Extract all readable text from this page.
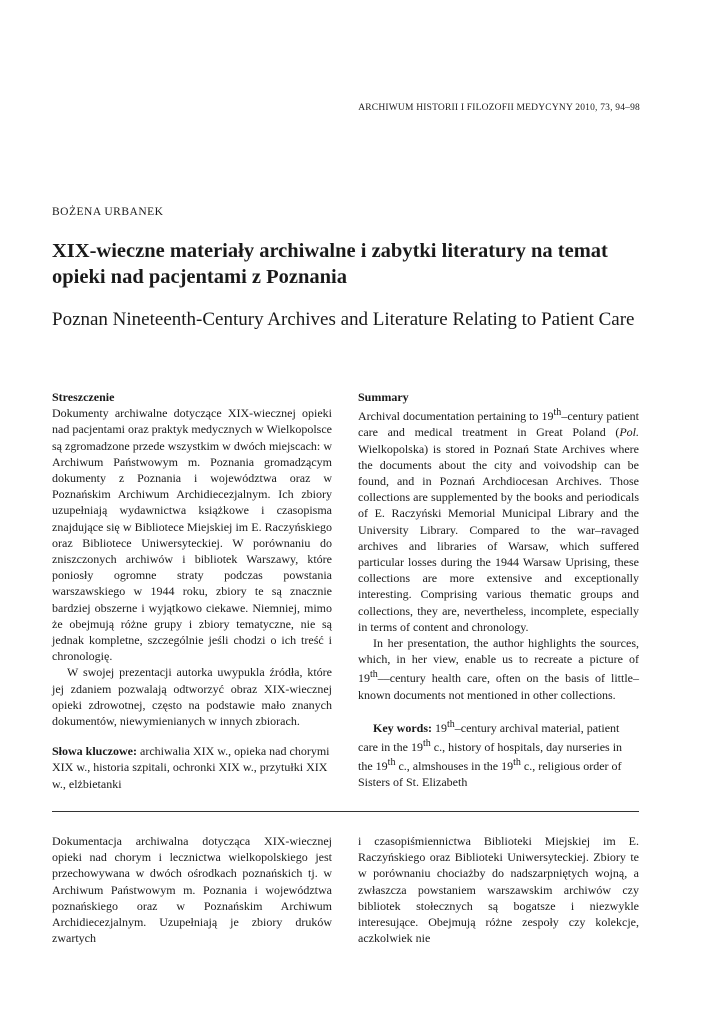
ARCHIWUM HISTORII I FILOZOFII MEDYCYNY 2010, 73, 94–98
BOŻENA URBANEK
XIX-wieczne materiały archiwalne i zabytki literatury na temat opieki nad pacjentami z Poznania
Poznan Nineteenth-Century Archives and Literature Relating to Patient Care

Streszczenie

Dokumenty archiwalne dotyczące XIX-wiecznej opieki nad pacjentami oraz praktyk medycznych w Wielkopolsce są zgromadzone przede wszystkim w dwóch miejscach: w Archiwum Państwowym m. Poznania gromadzącym dokumenty z Poznania i województwa oraz w Poznańskim Archiwum Archidiecezjalnym. Ich zbiory uzupełniają wydawnictwa książkowe i czasopisma znajdujące się w Bibliotece Miejskiej im E. Raczyńskiego oraz Bibliotece Uniwersyteckiej. W porównaniu do zniszczonych archiwów i bibliotek Warszawy, które poniosły ogromne straty podczas powstania warszawskiego w 1944 roku, zbiory te są znacznie bardziej obszerne i wyjątkowo ciekawe. Niemniej, mimo że obejmują różne grupy i zbiory tematyczne, nie są jednak kompletne, szczególnie jeśli chodzi o ich treść i chronologię.

W swojej prezentacji autorka uwypukla źródła, które jej zdaniem pozwalają odtworzyć obraz XIX-wiecznej opieki zdrowotnej, często na podstawie mało znanych dokumentów, niewymienianych w innych zbiorach.

Słowa kluczowe: archiwalia XIX w., opieka nad chorymi XIX w., historia szpitali, ochronki XIX w., przytułki XIX w., elżbietanki

Summary

Archival documentation pertaining to 19th–century patient care and medical treatment in Great Poland (Pol. Wielkopolska) is stored in Poznań State Archives where the documents about the city and voivodship can be found, and in Poznań Archdiocesan Archives. Those collections are supplemented by the books and periodicals of E. Raczyński Memorial Municipal Library and the University Library. Compared to the war–ravaged archives and libraries of Warsaw, which suffered particular losses during the 1944 Warsaw Uprising, these collections are more extensive and exceptionally interesting. Comprising various thematic groups and collections, they are, nevertheless, incomplete, especially in terms of content and chronology.

In her presentation, the author highlights the sources, which, in her view, enable us to recreate a picture of 19th––century health care, often on the basis of little–known documents not mentioned in other collections.

Key words: 19th–century archival material, patient care in the 19th c., history of hospitals, day nurseries in the 19th c., almshouses in the 19th c., religious order of Sisters of St. Elizabeth

Dokumentacja archiwalna dotycząca XIX-wiecznej opieki nad chorym i lecznictwa wielkopolskiego jest przechowywana w dwóch ośrodkach poznańskich tj. w Archiwum Państwowym m. Poznania i województwa poznańskiego oraz w Poznańskim Archiwum Archidiecezjalnym. Uzupełniają je zbiory druków zwartych

i czasopiśmiennictwa Biblioteki Miejskiej im E. Raczyńskiego oraz Biblioteki Uniwersyteckiej. Zbiory te w porównaniu chociażby do nadszarpniętych wojną, a zwłaszcza powstaniem warszawskim archiwów czy bibliotek stołecznych są bogatsze i niezwykle interesujące. Obejmują różne zespoły czy kolekcje, aczkolwiek nie
